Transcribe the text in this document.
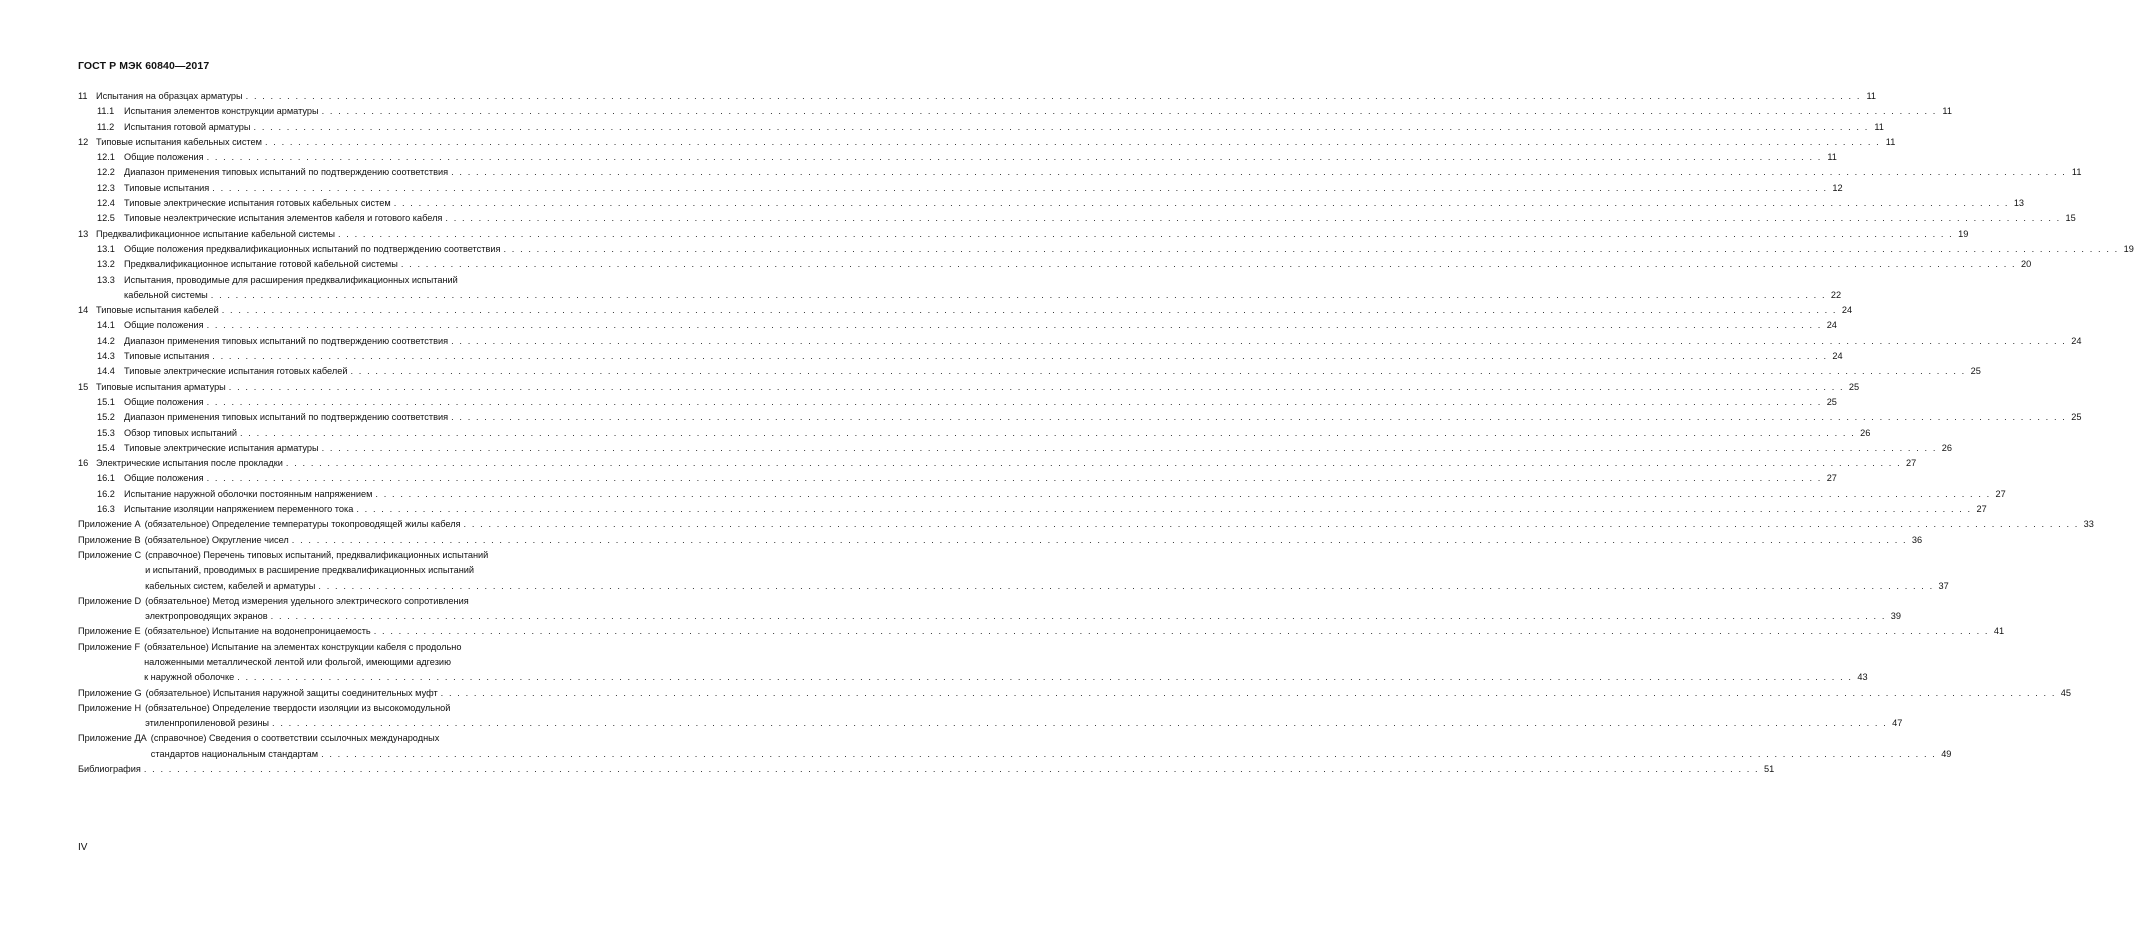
ГОСТ Р МЭК 60840—2017
11 Испытания на образцах арматуры . . .	11
11.1	Испытания элементов конструкции арматуры . . .	11
11.2	Испытания готовой арматуры . . .	11
12 Типовые испытания кабельных систем . . .	11
12.1 Общие положения . . .	11
12.2 Диапазон применения типовых испытаний по подтверждению соответствия . . .	11
12.3 Типовые испытания . . .	12
12.4 Типовые электрические испытания готовых кабельных систем . . .	13
12.5 Типовые неэлектрические испытания элементов кабеля и готового кабеля . . .	15
13 Предквалификационное испытание кабельной системы . . .	19
13.1 Общие положения предквалификационных испытаний по подтверждению соответствия . . .	19
13.2 Предквалификационное испытание готовой кабельной системы . . .	20
13.3 Испытания, проводимые для расширения предквалификационных испытаний
кабельной системы . . .	22
14 Типовые испытания кабелей . . .	24
14.1 Общие положения . . .	24
14.2 Диапазон применения типовых испытаний по подтверждению соответствия . . .	24
14.3 Типовые испытания . . .	24
14.4 Типовые электрические испытания готовых кабелей . . .	25
15 Типовые испытания арматуры . . .	25
15.1 Общие положения . . .	25
15.2 Диапазон применения типовых испытаний по подтверждению соответствия . . .	25
15.3 Обзор типовых испытаний . . .	26
15.4 Типовые электрические испытания арматуры . . .	26
16 Электрические испытания после прокладки . . .	27
16.1 Общие положения . . .	27
16.2 Испытание наружной оболочки постоянным напряжением . . .	27
16.3 Испытание изоляции напряжением переменного тока . . .	27
Приложение А (обязательное) Определение температуры токопроводящей жилы кабеля . . .	33
Приложение В (обязательное) Округление чисел . . .	36
Приложение С (справочное) Перечень типовых испытаний, предквалификационных испытаний
и испытаний, проводимых в расширение предквалификационных испытаний
кабельных систем, кабелей и арматуры . . .	37
Приложение D (обязательное) Метод измерения удельного электрического сопротивления
электропроводящих экранов . . .	39
Приложение Е (обязательное) Испытание на водонепроницаемость . . .	41
Приложение F (обязательное) Испытание на элементах конструкции кабеля с продольно
наложенными металлической лентой или фольгой, имеющими адгезию
к наружной оболочке . . .	43
Приложение G (обязательное) Испытания наружной защиты соединительных муфт . . .	45
Приложение Н (обязательное) Определение твердости изоляции из высокомодульной
этиленпропиленовой резины . . .	47
Приложение ДА (справочное) Сведения о соответствии ссылочных международных
стандартов национальным стандартам . . .	49
Библиография . . .	51
IV
